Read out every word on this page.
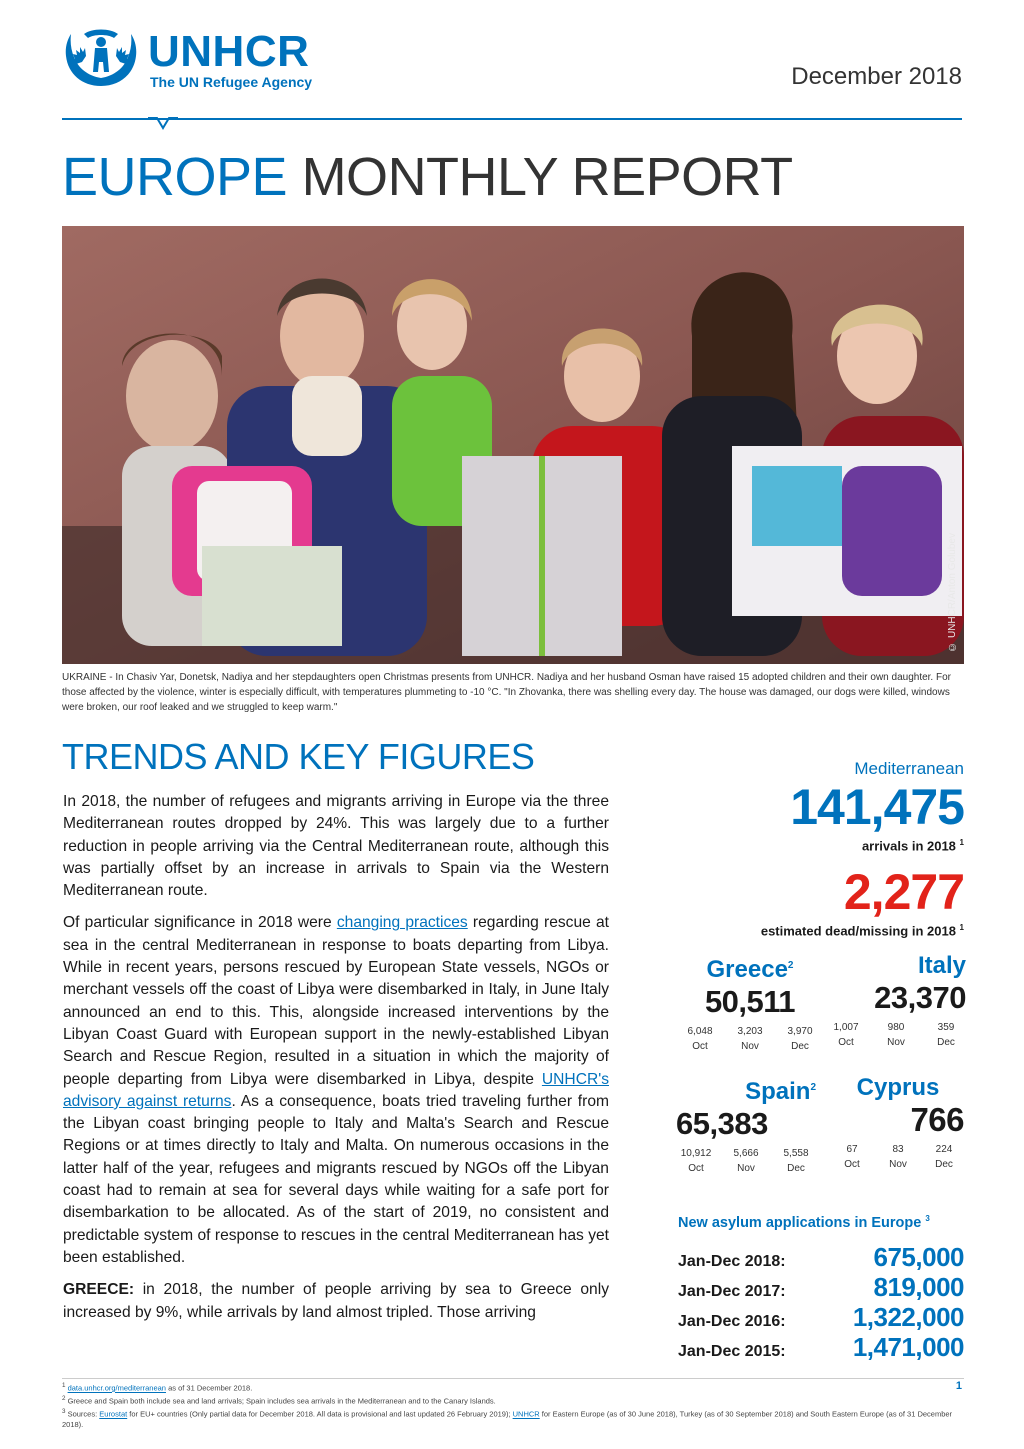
UNHCR
The UN Refugee Agency	December 2018
EUROPE MONTHLY REPORT
© UNHCR/Anton Golubev
UKRAINE - In Chasiv Yar, Donetsk, Nadiya and her stepdaughters open Christmas presents from UNHCR. Nadiya and her husband Osman have raised 15 adopted children and their own daughter. For those affected by the violence, winter is especially difficult, with temperatures plummeting to -10 °C. "In Zhovanka, there was shelling every day. The house was damaged, our dogs were killed, windows were broken, our roof leaked and we struggled to keep warm."
TRENDS AND KEY FIGURES

In 2018, the number of refugees and migrants arriving in Europe via the three Mediterranean routes dropped by 24%. This was largely due to a further reduction in people arriving via the Central Mediterranean route, although this was partially offset by an increase in arrivals to Spain via the Western Mediterranean route.

Of particular significance in 2018 were changing practices regarding rescue at sea in the central Mediterranean in response to boats departing from Libya. While in recent years, persons rescued by European State vessels, NGOs or merchant vessels off the coast of Libya were disembarked in Italy, in June Italy announced an end to this. This, alongside increased interventions by the Libyan Coast Guard with European support in the newly-established Libyan Search and Rescue Region, resulted in a situation in which the majority of people departing from Libya were disembarked in Libya, despite UNHCR's advisory against returns. As a consequence, boats tried traveling further from the Libyan coast bringing people to Italy and Malta's Search and Rescue Regions or at times directly to Italy and Malta. On numerous occasions in the latter half of the year, refugees and migrants rescued by NGOs off the Libyan coast had to remain at sea for several days while waiting for a safe port for disembarkation to be allocated. As of the start of 2019, no consistent and predictable system of response to rescues in the central Mediterranean has yet been established.

GREECE: in 2018, the number of people arriving by sea to Greece only increased by 9%, while arrivals by land almost tripled. Those arriving

Mediterranean
141,475
arrivals in 2018 $^1$
2,277
estimated dead/missing in 2018 $^1$
Greece$^2$
50,511
6,048
Oct
3,203
Nov
3,970
Dec
Italy
23,370
1,007
Oct
980
Nov
359
Dec
Spain$^2$
65,383
10,912
Oct
5,666
Nov
5,558
Dec
Cyprus
766
67
Oct
83
Nov
224
Dec
New asylum applications in Europe $^3$
Jan-Dec 2018:	675,000
Jan-Dec 2017:	819,000
Jan-Dec 2016:	1,322,000
Jan-Dec 2015:	1,471,000
$^1$ data.unhcr.org/mediterranean as of 31 December 2018.
$^2$ Greece and Spain both include sea and land arrivals; Spain includes sea arrivals in the Mediterranean and to the Canary Islands.
$^3$ Sources: Eurostat for EU+ countries (Only partial data for December 2018. All data is provisional and last updated 26 February 2019); UNHCR for Eastern Europe (as of 30 June 2018), Turkey (as of 30 September 2018) and South Eastern Europe (as of 31 December 2018).
1
